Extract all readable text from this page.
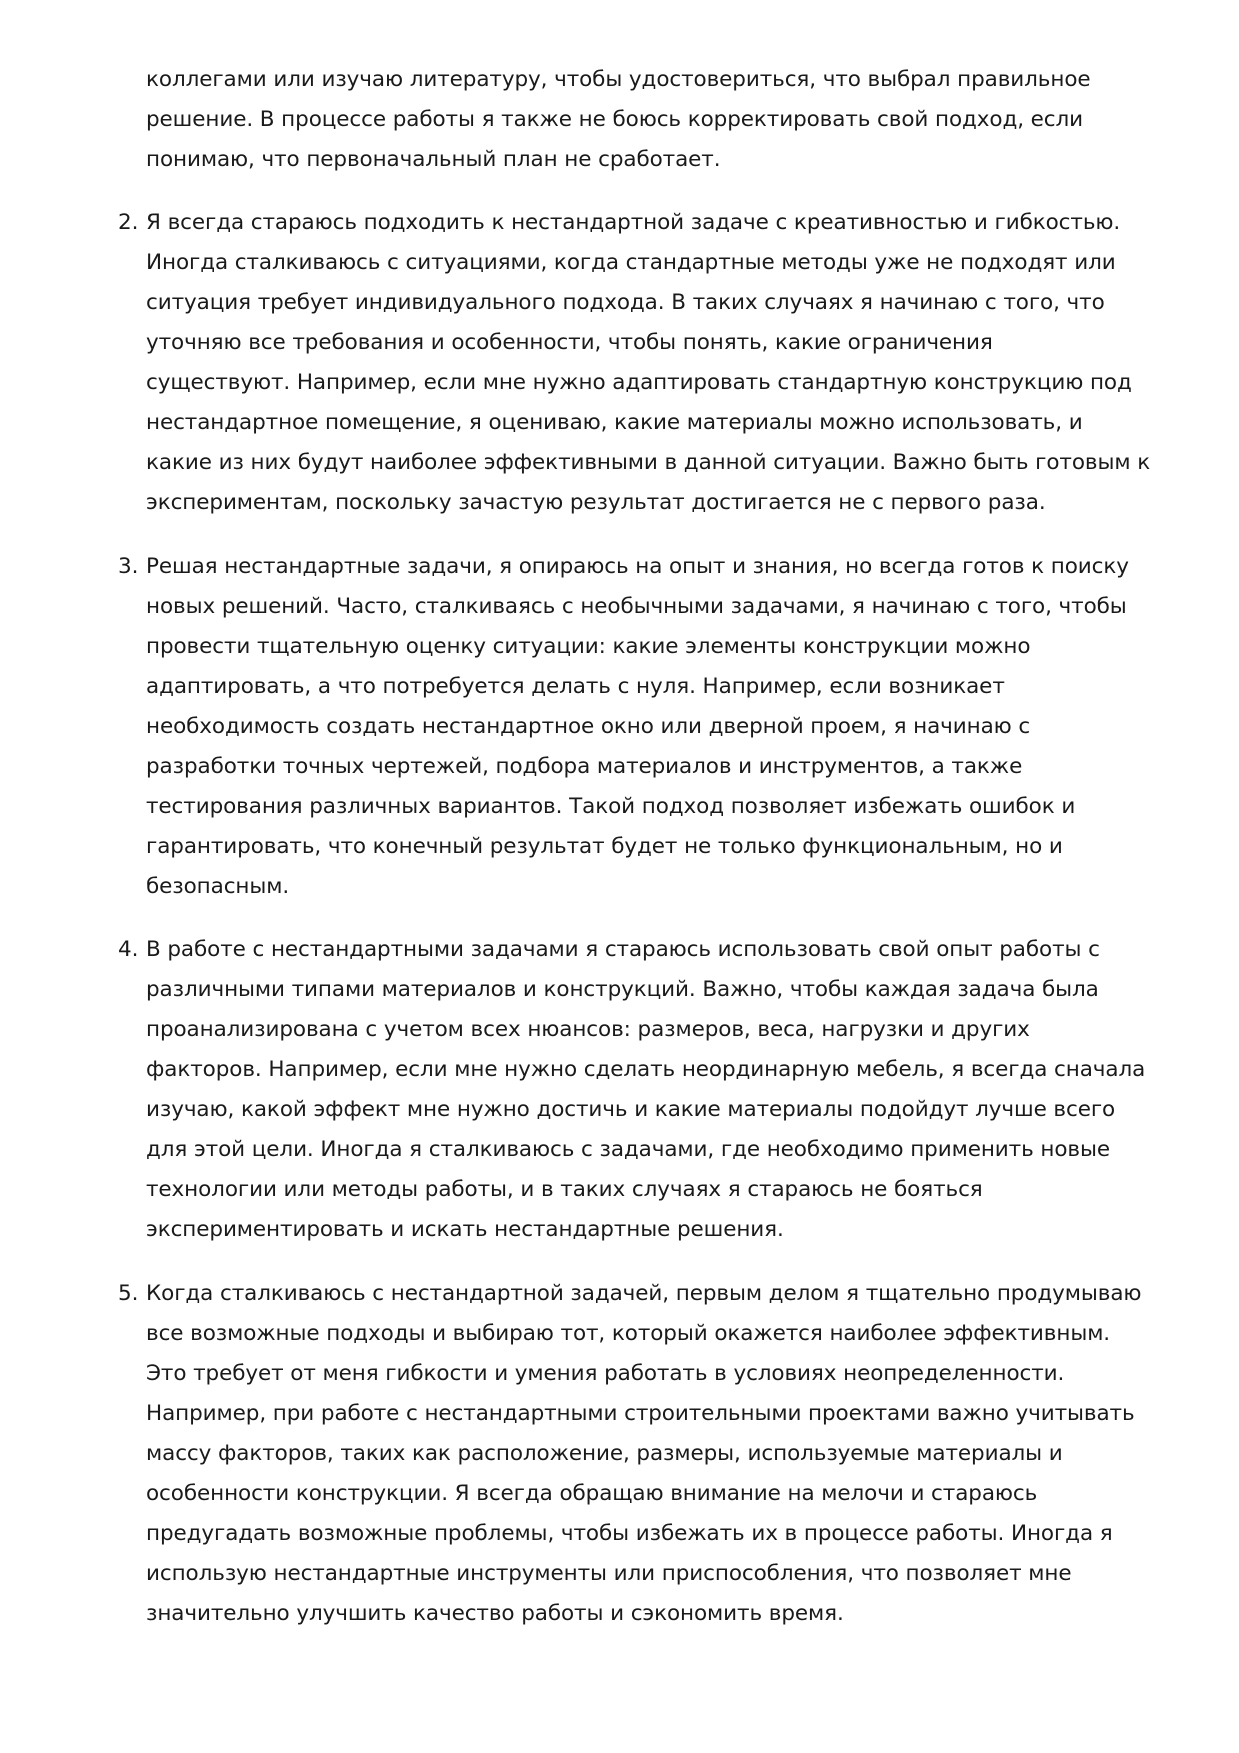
коллегами или изучаю литературу, чтобы удостовериться, что выбрал правильное
решение. В процессе работы я также не боюсь корректировать свой подход, если
понимаю, что первоначальный план не сработает.
2. Я всегда стараюсь подходить к нестандартной задаче с креативностью и гибкостью.
Иногда сталкиваюсь с ситуациями, когда стандартные методы уже не подходят или
ситуация требует индивидуального подхода. В таких случаях я начинаю с того, что
уточняю все требования и особенности, чтобы понять, какие ограничения
существуют. Например, если мне нужно адаптировать стандартную конструкцию под
нестандартное помещение, я оцениваю, какие материалы можно использовать, и
какие из них будут наиболее эффективными в данной ситуации. Важно быть готовым к
экспериментам, поскольку зачастую результат достигается не с первого раза.
3. Решая нестандартные задачи, я опираюсь на опыт и знания, но всегда готов к поиску
новых решений. Часто, сталкиваясь с необычными задачами, я начинаю с того, чтобы
провести тщательную оценку ситуации: какие элементы конструкции можно
адаптировать, а что потребуется делать с нуля. Например, если возникает
необходимость создать нестандартное окно или дверной проем, я начинаю с
разработки точных чертежей, подбора материалов и инструментов, а также
тестирования различных вариантов. Такой подход позволяет избежать ошибок и
гарантировать, что конечный результат будет не только функциональным, но и
безопасным.
4. В работе с нестандартными задачами я стараюсь использовать свой опыт работы с
различными типами материалов и конструкций. Важно, чтобы каждая задача была
проанализирована с учетом всех нюансов: размеров, веса, нагрузки и других
факторов. Например, если мне нужно сделать неординарную мебель, я всегда сначала
изучаю, какой эффект мне нужно достичь и какие материалы подойдут лучше всего
для этой цели. Иногда я сталкиваюсь с задачами, где необходимо применить новые
технологии или методы работы, и в таких случаях я стараюсь не бояться
экспериментировать и искать нестандартные решения.
5. Когда сталкиваюсь с нестандартной задачей, первым делом я тщательно продумываю
все возможные подходы и выбираю тот, который окажется наиболее эффективным.
Это требует от меня гибкости и умения работать в условиях неопределенности.
Например, при работе с нестандартными строительными проектами важно учитывать
массу факторов, таких как расположение, размеры, используемые материалы и
особенности конструкции. Я всегда обращаю внимание на мелочи и стараюсь
предугадать возможные проблемы, чтобы избежать их в процессе работы. Иногда я
использую нестандартные инструменты или приспособления, что позволяет мне
значительно улучшить качество работы и сэкономить время.
